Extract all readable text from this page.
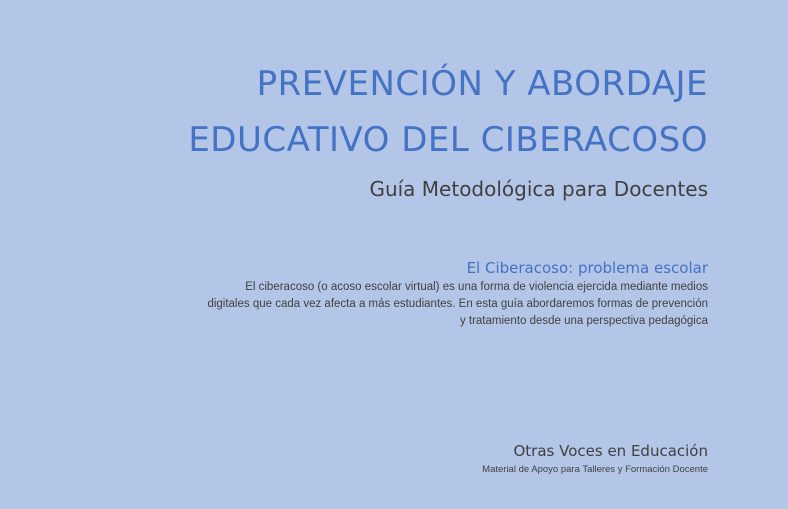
PREVENCIÓN Y ABORDAJE
EDUCATIVO DEL CIBERACOSO
Guía Metodológica para Docentes
El Ciberacoso: problema escolar
El ciberacoso (o acoso escolar virtual) es una forma de violencia ejercida mediante medios
digitales que cada vez afecta a más estudiantes. En esta guía abordaremos formas de prevención
y tratamiento desde una perspectiva pedagógica
Otras Voces en Educación
Material de Apoyo para Talleres y Formación Docente
